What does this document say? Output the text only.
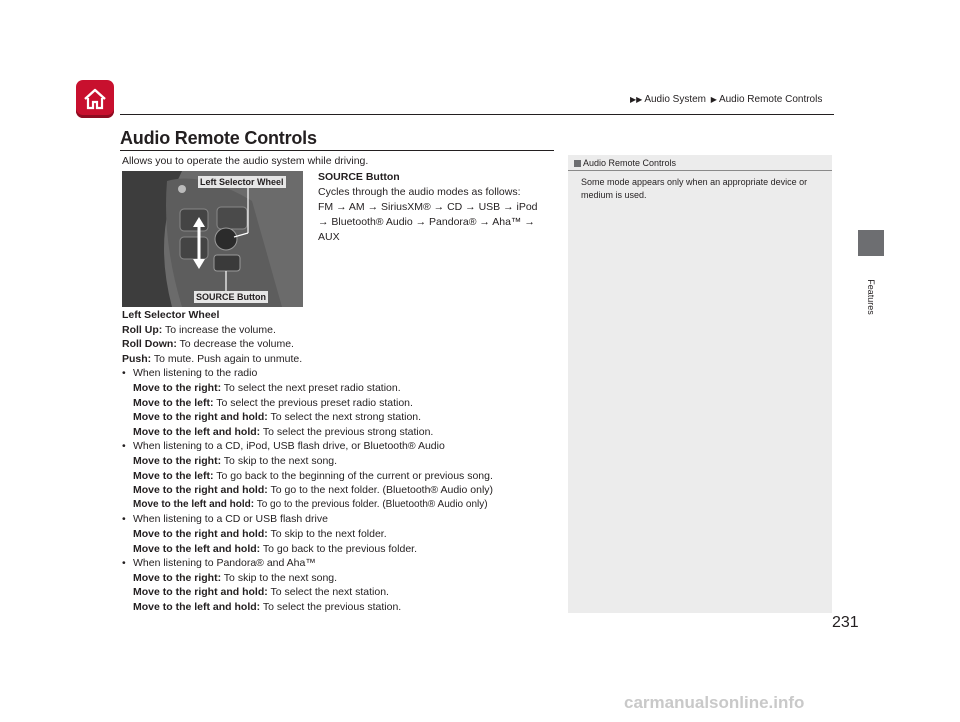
▶▶ Audio System ▶ Audio Remote Controls
Audio Remote Controls
Features
Allows you to operate the audio system while driving.
Left Selector Wheel
SOURCE Button
SOURCE Button
Cycles through the audio modes as follows:
FM → AM → SiriusXM® → CD → USB → iPod
→ Bluetooth® Audio → Pandora® → Aha™ →
AUX
Left Selector Wheel
Roll Up: To increase the volume.
Roll Down: To decrease the volume.
Push: To mute. Push again to unmute.
• When listening to the radio
Move to the right: To select the next preset radio station.
Move to the left: To select the previous preset radio station.
Move to the right and hold: To select the next strong station.
Move to the left and hold: To select the previous strong station.
• When listening to a CD, iPod, USB flash drive, or Bluetooth® Audio
Move to the right: To skip to the next song.
Move to the left: To go back to the beginning of the current or previous song.
Move to the right and hold: To go to the next folder. (Bluetooth® Audio only)
Move to the left and hold: To go to the previous folder. (Bluetooth® Audio only)
• When listening to a CD or USB flash drive
Move to the right and hold: To skip to the next folder.
Move to the left and hold: To go back to the previous folder.
• When listening to Pandora® and Aha™
Move to the right: To skip to the next song.
Move to the right and hold: To select the next station.
Move to the left and hold: To select the previous station.
Audio Remote Controls
Some mode appears only when an appropriate device or medium is used.
231
carmanualsonline.info
